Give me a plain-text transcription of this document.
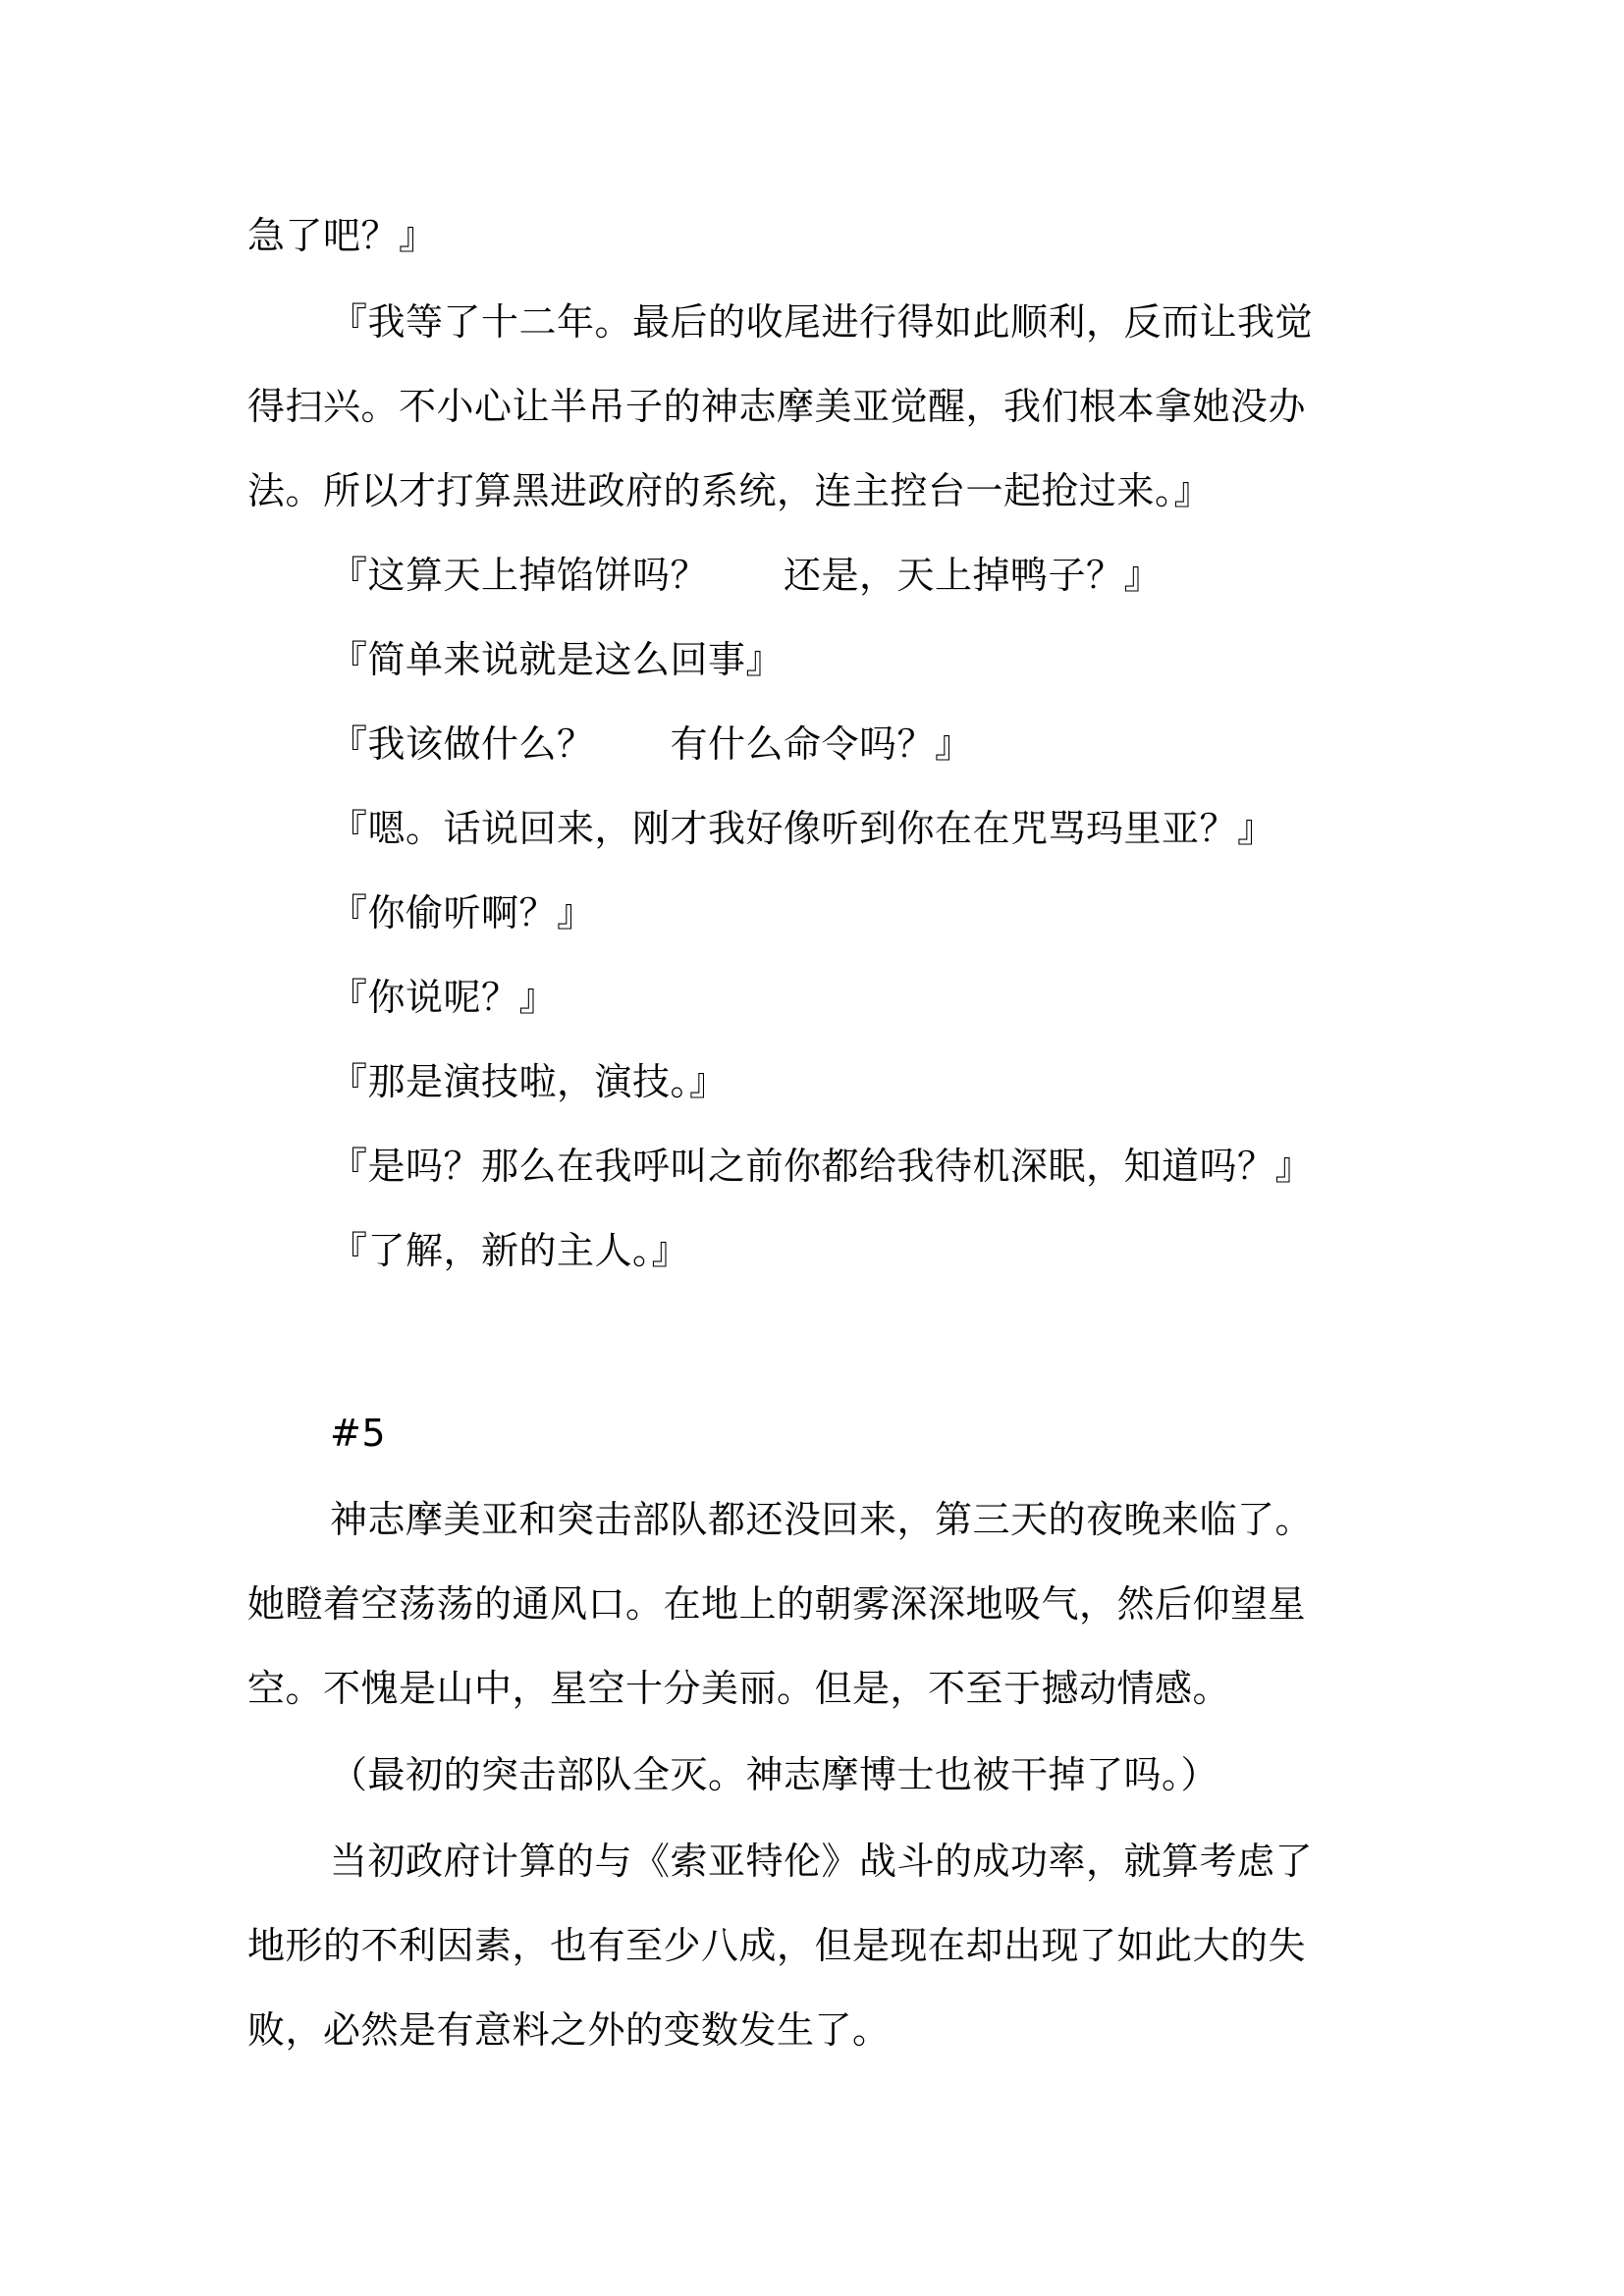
急了吧？』
『我等了十二年。最后的收尾进行得如此顺利，反而让我觉
得扫兴。不小心让半吊子的神志摩美亚觉醒，我们根本拿她没办
法。所以才打算黑进政府的系统，连主控台一起抢过来。』
『这算天上掉馅饼吗？　　还是，天上掉鸭子？』
『简单来说就是这么回事』
『我该做什么？　　有什么命令吗？』
『嗯。话说回来，刚才我好像听到你在在咒骂玛里亚？』
『你偷听啊？』
『你说呢？』
『那是演技啦，演技。』
『是吗？那么在我呼叫之前你都给我待机深眠，知道吗？』
『了解，新的主人。』
#5
神志摩美亚和突击部队都还没回来，第三天的夜晚来临了。
她瞪着空荡荡的通风口。在地上的朝雾深深地吸气，然后仰望星
空。不愧是山中，星空十分美丽。但是，不至于撼动情感。
（最初的突击部队全灭。神志摩博士也被干掉了吗。）
当初政府计算的与《索亚特伦》战斗的成功率，就算考虑了
地形的不利因素，也有至少八成，但是现在却出现了如此大的失
败，必然是有意料之外的变数发生了。
